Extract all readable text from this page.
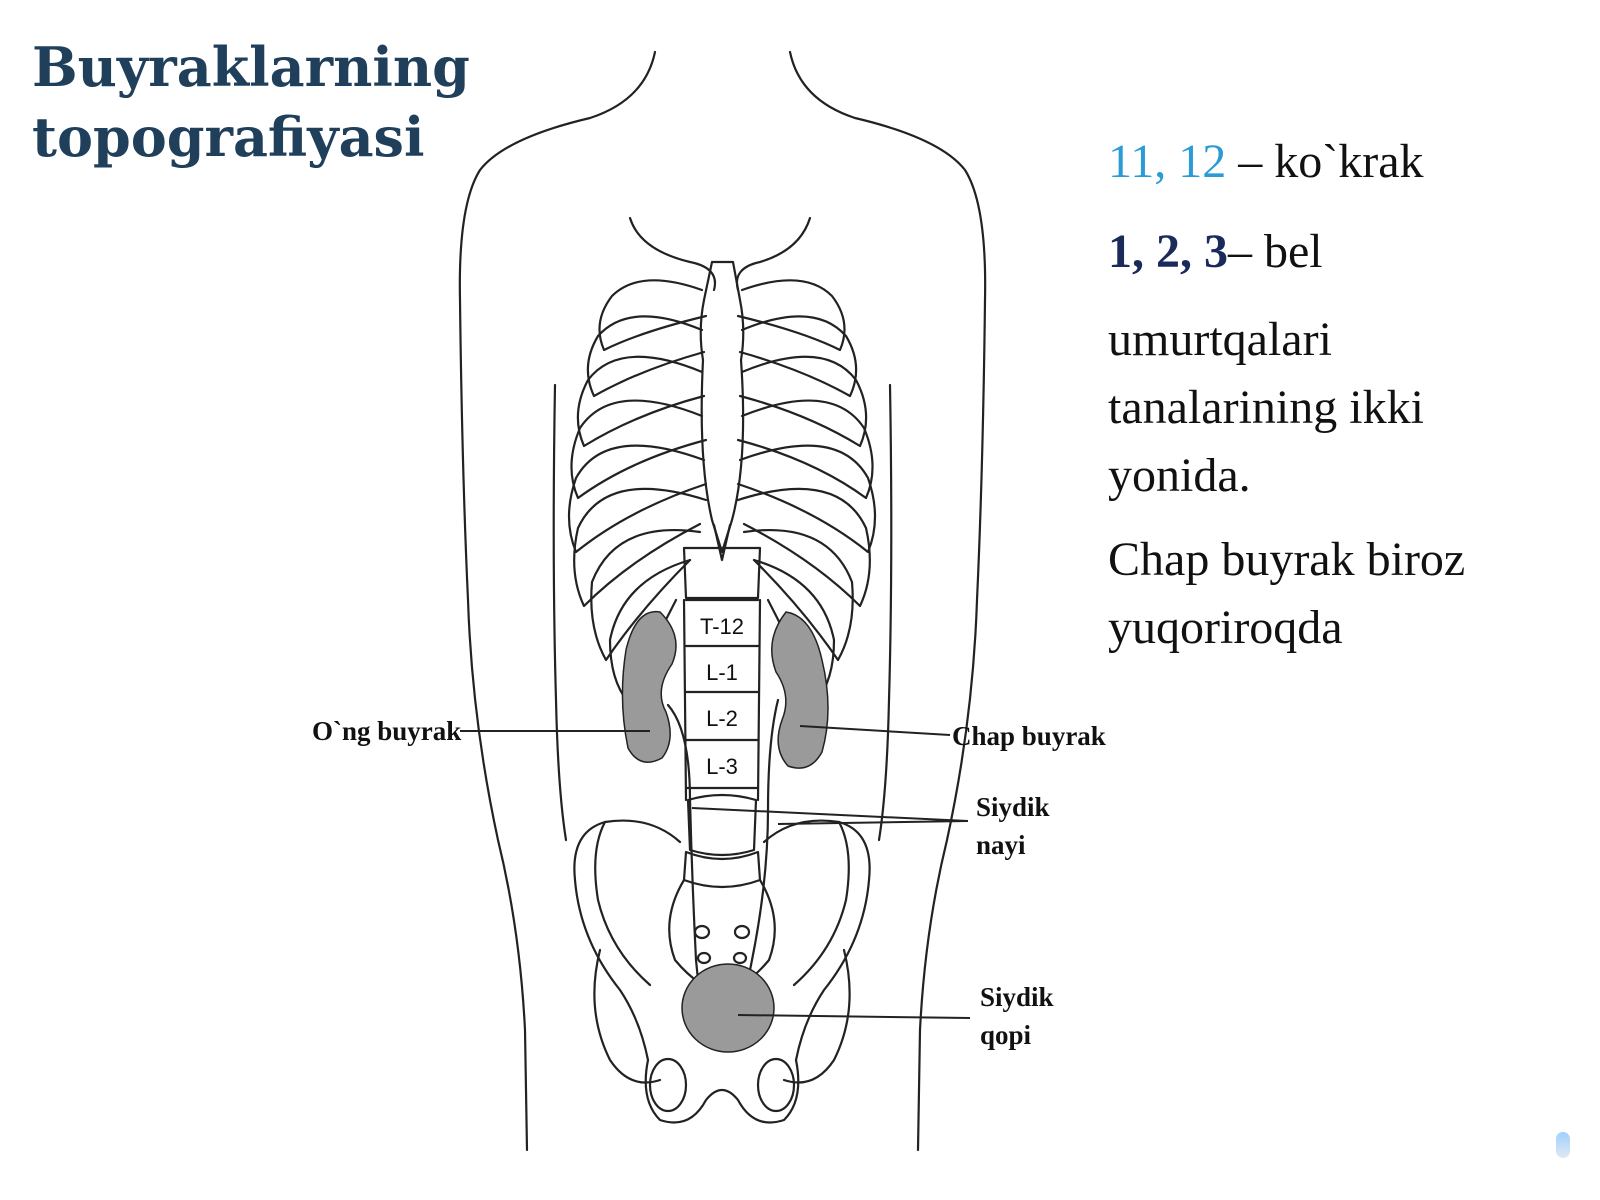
Buyraklarning
topografiyasi
T-12
L-1
L-2
L-3
O`ng buyrak	Chap buyrak
Siydik
nayi
Siydik
qopi

11, 12 – ko`krak

1, 2, 3– bel

umurtqalari

tanalarining ikki

yonida.

Chap buyrak biroz

yuqoriroqda
